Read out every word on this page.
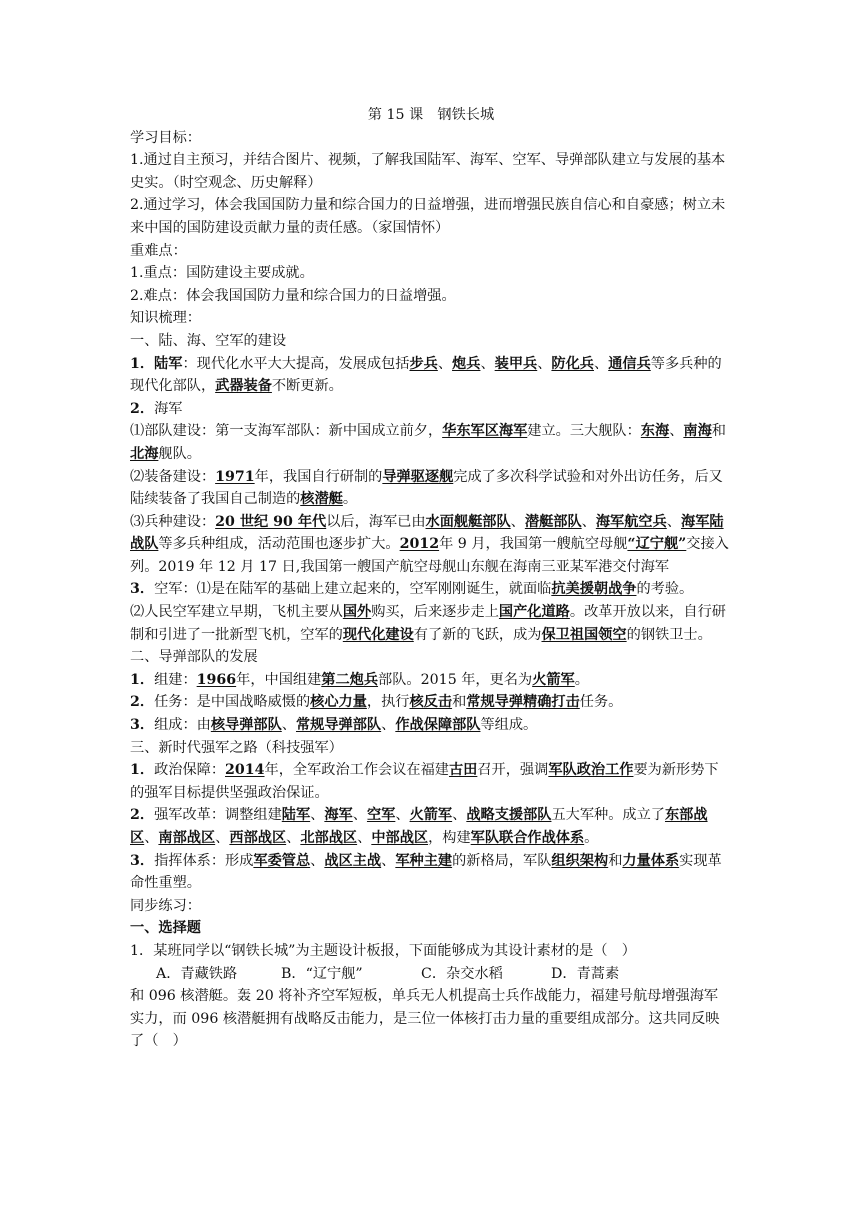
第 15 课　钢铁长城

学习目标：

1.通过自主预习，并结合图片、视频，了解我国陆军、海军、空军、导弹部队建立与发展的基本史实。（时空观念、历史解释）

2.通过学习，体会我国国防力量和综合国力的日益增强，进而增强民族自信心和自豪感；树立未来中国的国防建设贡献力量的责任感。（家国情怀）

重难点：

1.重点：国防建设主要成就。

2.难点：体会我国国防力量和综合国力的日益增强。

知识梳理：

一、陆、海、空军的建设

1．陆军：现代化水平大大提高，发展成包括步兵、炮兵、装甲兵、防化兵、通信兵等多兵种的现代化部队，武器装备不断更新。

2．海军

⑴部队建设：第一支海军部队：新中国成立前夕，华东军区海军建立。三大舰队：东海、南海和北海舰队。

⑵装备建设：1971年，我国自行研制的导弹驱逐舰完成了多次科学试验和对外出访任务，后又陆续装备了我国自己制造的核潜艇。

⑶兵种建设：20 世纪 90 年代以后，海军已由水面舰艇部队、潜艇部队、海军航空兵、海军陆战队等多兵种组成，活动范围也逐步扩大。2012年 9 月，我国第一艘航空母舰“辽宁舰”交接入列。2019 年 12 月 17 日,我国第一艘国产航空母舰山东舰在海南三亚某军港交付海军

3．空军：⑴是在陆军的基础上建立起来的，空军刚刚诞生，就面临抗美援朝战争的考验。

⑵人民空军建立早期，飞机主要从国外购买，后来逐步走上国产化道路。改革开放以来，自行研制和引进了一批新型飞机，空军的现代化建设有了新的飞跃，成为保卫祖国领空的钢铁卫士。

二、导弹部队的发展

1．组建：1966年，中国组建第二炮兵部队。2015 年，更名为火箭军。

2．任务：是中国战略威慑的核心力量，执行核反击和常规导弹精确打击任务。

3．组成：由核导弹部队、常规导弹部队、作战保障部队等组成。

三、新时代强军之路（科技强军）

1．政治保障：2014年，全军政治工作会议在福建古田召开，强调军队政治工作要为新形势下的强军目标提供坚强政治保证。

2．强军改革：调整组建陆军、海军、空军、火箭军、战略支援部队五大军种。成立了东部战区、南部战区、西部战区、北部战区、中部战区，构建军队联合作战体系。

3．指挥体系：形成军委管总、战区主战、军种主建的新格局，军队组织架构和力量体系实现革命性重塑。

同步练习：

一、选择题

1．某班同学以“钢铁长城”为主题设计板报，下面能够成为其设计素材的是（　）

A．青藏铁路	B．“辽宁舰”	C．杂交水稻	D．青蒿素

和 096 核潜艇。轰 20 将补齐空军短板，单兵无人机提高士兵作战能力，福建号航母增强海军实力，而 096 核潜艇拥有战略反击能力，是三位一体核打击力量的重要组成部分。这共同反映了（　）
